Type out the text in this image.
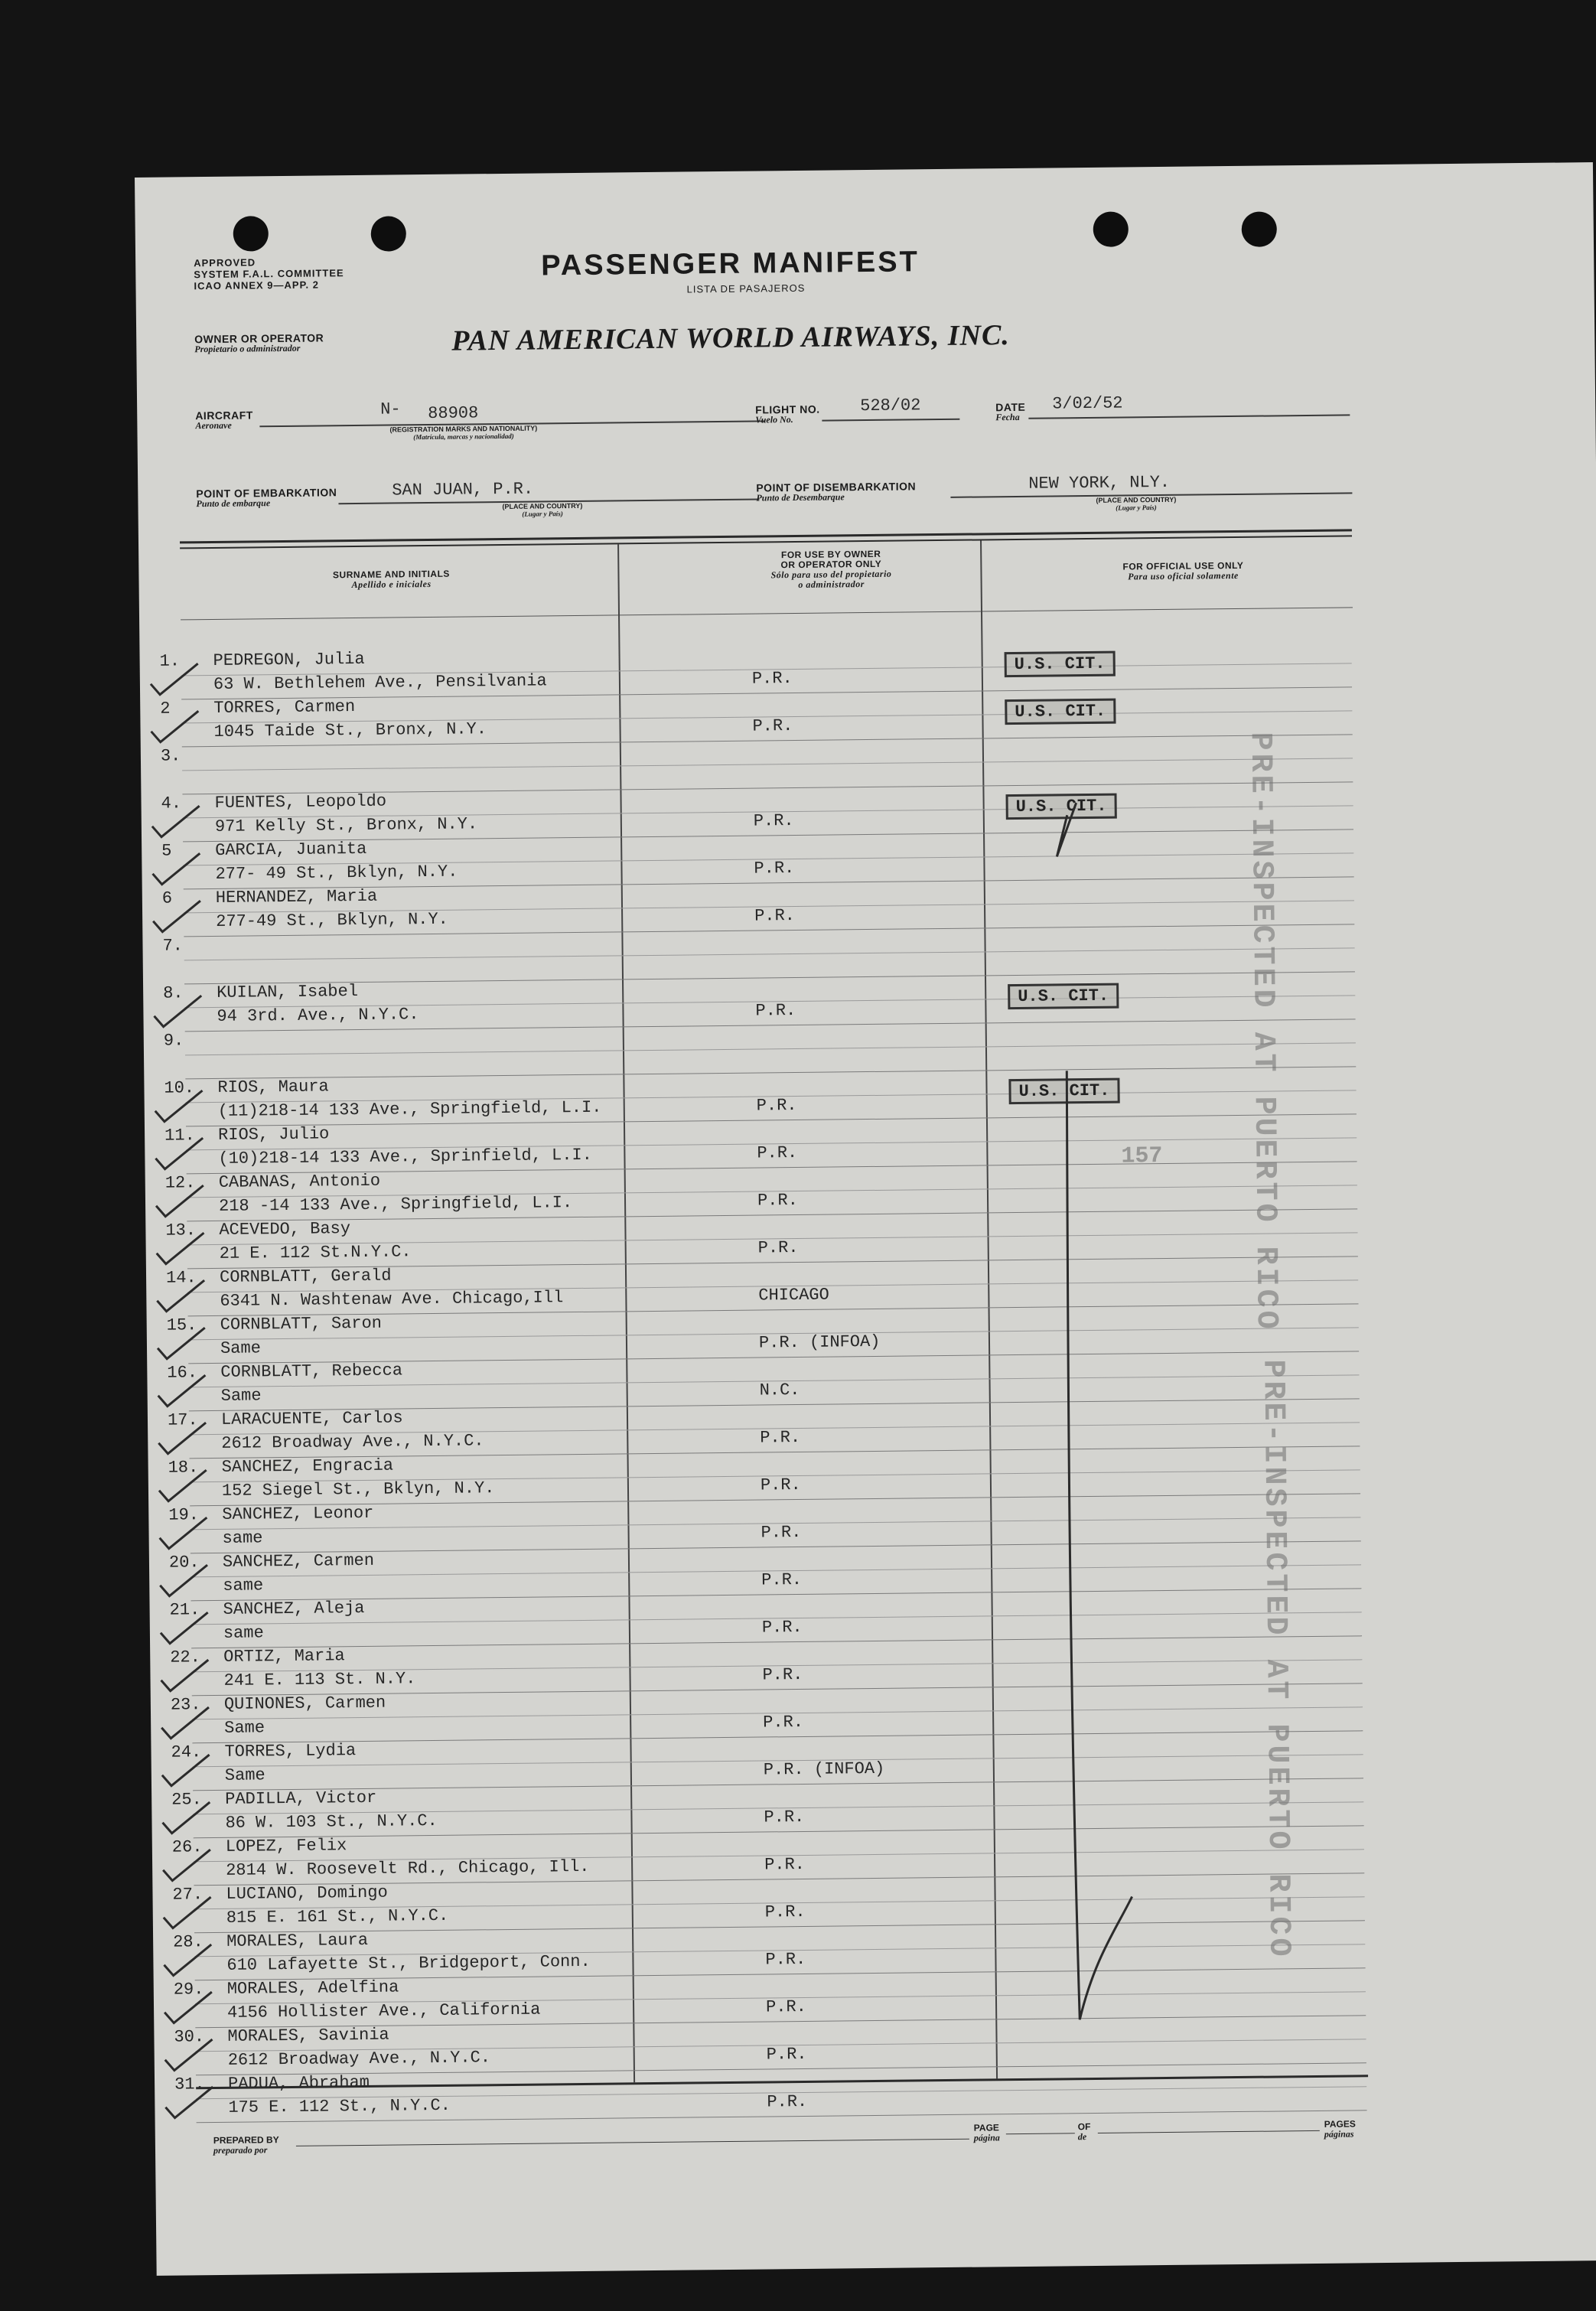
APPROVED
SYSTEM F.A.L. COMMITTEE
ICAO ANNEX 9—APP. 2
PASSENGER MANIFEST
LISTA DE PASAJEROS
OWNER OR OPERATOR
Propietario o administrador	PAN AMERICAN WORLD AIRWAYS, INC.
AIRCRAFT
Aeronave
N- 88908
(REGISTRATION MARKS AND NATIONALITY)
(Matrícula, marcas y nacionalidad)
FLIGHT NO.
Vuelo No.
528/02	DATE
Fecha
3/02/52
POINT OF EMBARKATION
Punto de embarque
SAN JUAN, P.R.
(PLACE AND COUNTRY)
(Lugar y País)
POINT OF DISEMBARKATION
Punto de Desembarque
NEW YORK, NLY.
(PLACE AND COUNTRY)
(Lugar y País)
SURNAME AND INITIALS
Apellido e iniciales
FOR USE BY OWNER
OR OPERATOR ONLY
Sólo para uso del propietario
o administrador
FOR OFFICIAL USE ONLY
Para uso oficial solamente
1. PEDREGON, Julia
63 W. Bethlehem Ave., Pensilvania	P.R.
U.S. CIT.
2	TORRES, Carmen
1045 Taide St., Bronx, N.Y.	P.R.
U.S. CIT.
3.
4. FUENTES, Leopoldo
971 Kelly St., Bronx, N.Y.	P.R.
U.S. CIT.
5	GARCIA, Juanita
277- 49 St., Bklyn, N.Y.	P.R.
6	HERNANDEZ, Maria
277-49 St., Bklyn, N.Y.	P.R.
7.
8. KUILAN, Isabel
94 3rd. Ave., N.Y.C.	P.R.
U.S. CIT.
9.
10. RIOS, Maura
(11)218-14 133 Ave., Springfield, L.I.	P.R.
U.S. CIT.
11. RIOS, Julio
(10)218-14 133 Ave., Sprinfield, L.I.	P.R.
12. CABANAS, Antonio
218 -14 133 Ave., Springfield, L.I.	P.R.
13. ACEVEDO, Basy
21 E. 112 St.N.Y.C.	P.R.
14. CORNBLATT, Gerald
6341 N. Washtenaw Ave. Chicago,Ill	CHICAGO
15. CORNBLATT, Saron
Same	P.R. (INFOA)
16. CORNBLATT, Rebecca
Same	N.C.
17. LARACUENTE, Carlos
2612 Broadway Ave., N.Y.C.	P.R.
18. SANCHEZ, Engracia
152 Siegel St., Bklyn, N.Y.	P.R.
19. SANCHEZ, Leonor
same	P.R.
20. SANCHEZ, Carmen
same	P.R.
21. SANCHEZ, Aleja
same	P.R.
22. ORTIZ, Maria
241 E. 113 St. N.Y.	P.R.
23. QUINONES, Carmen
Same	P.R.
24. TORRES, Lydia
Same	P.R. (INFOA)
25. PADILLA, Victor
86 W. 103 St., N.Y.C.	P.R.
26. LOPEZ, Felix
2814 W. Roosevelt Rd., Chicago, Ill.	P.R.
27. LUCIANO, Domingo
815 E. 161 St., N.Y.C.	P.R.
28. MORALES, Laura
610 Lafayette St., Bridgeport, Conn.	P.R.
29. MORALES, Adelfina
4156 Hollister Ave., California	P.R.
30. MORALES, Savinia
2612 Broadway Ave., N.Y.C.	P.R.
31. PADUA, Abraham
175 E. 112 St., N.Y.C.	P.R.
PRE-INSPECTED AT PUERTO RICO
PRE-INSPECTED AT PUERTO RICO
157
PREPARED BY
preparado por
PAGE
página
OF
de
PAGES
páginas
